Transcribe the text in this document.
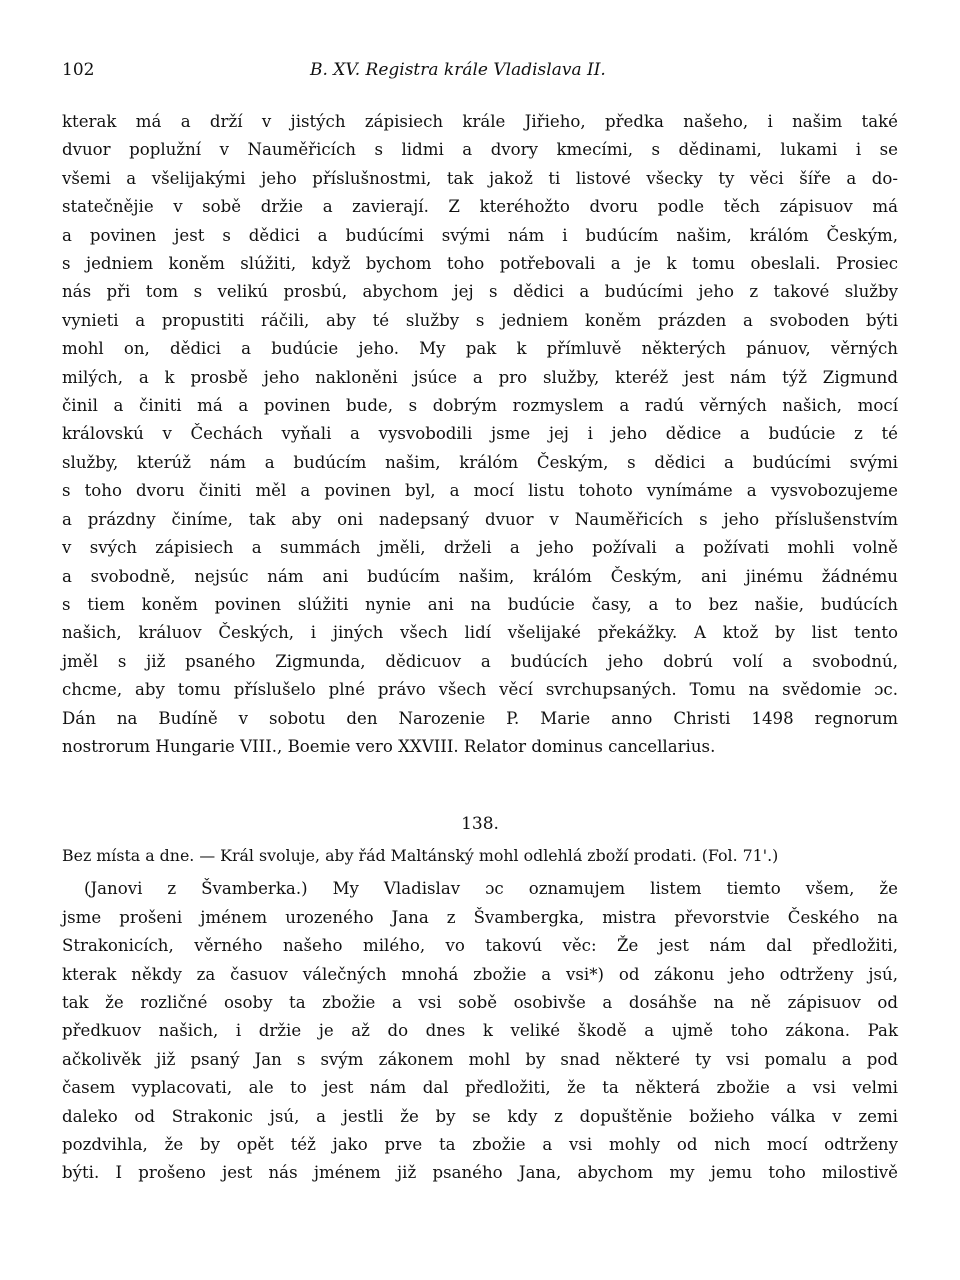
102	B. XV. Registra krále Vladislava II.
kterak má a drží v jistých zápisiech krále Jiřieho, předka našeho, i našim také
dvuor poplužní v Nauměřicích s lidmi a dvory kmecími, s dědinami, lukami i se
všemi a všelijakými jeho příslušnostmi, tak jakož ti listové všecky ty věci šíře a do-
statečnějie v sobě držie a zavierají. Z kteréhožto dvoru podle těch zápisuov má
a povinen jest s dědici a budúcími svými nám i budúcím našim, králóm Českým,
s jedniem koněm slúžiti, když bychom toho potřebovali a je k tomu obeslali. Prosiec
nás při tom s velikú prosbú, abychom jej s dědici a budúcími jeho z takové služby
vynieti a propustiti ráčili, aby té služby s jedniem koněm prázden a svoboden býti
mohl on, dědici a budúcie jeho. My pak k přímluvě některých pánuov, věrných
milých, a k prosbě jeho nakloněni jsúce a pro služby, kteréž jest nám týž Zigmund
činil a činiti má a povinen bude, s dobrým rozmyslem a radú věrných našich, mocí
královskú v Čechách vyňali a vysvobodili jsme jej i jeho dědice a budúcie z té
služby, kterúž nám a budúcím našim, králóm Českým, s dědici a budúcími svými
s toho dvoru činiti měl a povinen byl, a mocí listu tohoto vynímáme a vysvobozujeme
a prázdny činíme, tak aby oni nadepsaný dvuor v Nauměřicích s jeho příslušenstvím
v svých zápisiech a summách jměli, drželi a jeho požívali a požívati mohli volně
a svobodně, nejsúc nám ani budúcím našim, králóm Českým, ani jinému žádnému
s tiem koněm povinen slúžiti nynie ani na budúcie časy, a to bez našie, budúcích
našich, králuov Českých, i jiných všech lidí všelijaké překážky. A ktož by list tento
jměl s již psaného Zigmunda, dědicuov a budúcích jeho dobrú volí a svobodnú,
chcme, aby tomu příslušelo plné právo všech věcí svrchupsaných. Tomu na svědomie ɔc.
Dán na Budíně v sobotu den Narozenie P. Marie anno Christi 1498 regnorum
nostrorum Hungarie VIII., Boemie vero XXVIII. Relator dominus cancellarius.
138.
Bez místa a dne. — Král svoluje, aby řád Maltánský mohl odlehlá zboží prodati. (Fol. 71'.)
(Janovi z Švamberka.) My Vladislav ɔc oznamujem listem tiemto všem, že
jsme prošeni jménem urozeného Jana z Švambergka, mistra převorstvie Českého na
Strakonicích, věrného našeho milého, vo takovú věc: Že jest nám dal předložiti,
kterak někdy za časuov válečných mnohá zbožie a vsi*) od zákonu jeho odtrženy jsú,
tak že rozličné osoby ta zbožie a vsi sobě osobivše a dosáhše na ně zápisuov od
předkuov našich, i držie je až do dnes k veliké škodě a ujmě toho zákona. Pak
ačkolivěk již psaný Jan s svým zákonem mohl by snad některé ty vsi pomalu a pod
časem vyplacovati, ale to jest nám dal předložiti, že ta některá zbožie a vsi velmi
daleko od Strakonic jsú, a jestli že by se kdy z dopuštěnie božieho válka v zemi
pozdvihla, že by opět též jako prve ta zbožie a vsi mohly od nich mocí odtrženy
býti. I prošeno jest nás jménem již psaného Jana, abychom my jemu toho milostivě
